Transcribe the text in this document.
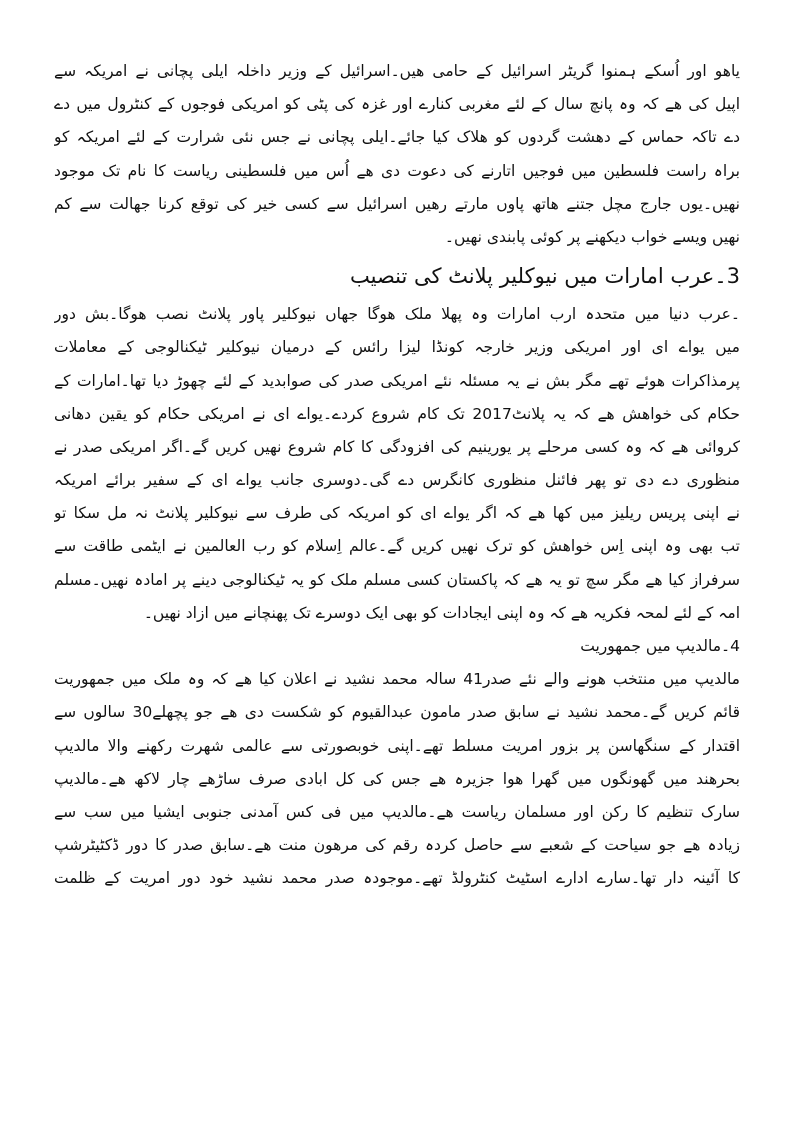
یاھو اور اُسکے ہمنوا گریٹر اسرائیل کے حامی ھیں۔اسرائیل کے وزیر داخلہ ایلی پچانی نے امریکہ سے
اپیل کی ھے کہ وہ پانچ سال کے لئے مغربی کنارے اور غزہ کی پٹی کو امریکی فوجوں کے کنٹرول میں دے
دے تاکہ حماس کے دھشت گردوں کو ھلاک کیا جائے۔ایلی پچانی نے جس نئی شرارت کے لئے امریکہ کو
براہ راست فلسطین میں فوجیں اتارنے کی دعوت دی ھے اُس میں فلسطینی ریاست کا نام تک موجود
نھیں۔یوں جارج مچل جتنے ھاتھ پاوں مارتے رھیں اسرائیل سے کسی خیر کی توقع کرنا جھالت سے کم
نھیں ویسے خواب دیکھنے پر کوئی پابندی نھیں۔
3۔عرب امارات میں نیوکلیر پلانٹ کی تنصیب
۔عرب دنیا میں متحدہ ارب امارات وہ پھلا ملک ھوگا جھاں نیوکلیر پاور پلانٹ نصب ھوگا۔بش دور
میں یواے ای اور امریکی وزیر خارجہ کونڈا لیزا رائس کے درمیان نیوکلیر ٹیکنالوجی کے معاملات
پرمذاکرات ھوئے تھے مگر بش نے یہ مسئلہ نئے امریکی صدر کی صوابدید کے لئے چھوڑ دیا تھا۔امارات کے
حکام کی خواھش ھے کہ یہ پلانٹ2017 تک کام شروع کردے۔یواے ای نے امریکی حکام کو یقین دھانی
کروائی ھے کہ وہ کسی مرحلے پر یورینیم کی افزودگی کا کام شروع نھیں کریں گے۔اگر امریکی صدر نے
منظوری دے دی تو پھر فائنل منظوری کانگرس دے گی۔دوسری جانب یواے ای کے سفیر برائے امریکہ
نے اپنی پریس ریلیز میں کھا ھے کہ اگر یواے ای کو امریکہ کی طرف سے نیوکلیر پلانٹ نہ مل سکا تو
تب بھی وہ اپنی اِس خواھش کو ترک نھیں کریں گے۔عالم اِسلام کو رب العالمین نے ایٹمی طاقت سے
سرفراز کیا ھے مگر سچ تو یہ ھے کہ پاکستان کسی مسلم ملک کو یہ ٹیکنالوجی دینے پر امادہ نھیں۔مسلم
امہ کے لئے لمحہ فکریہ ھے کہ وہ اپنی ایجادات کو بھی ایک دوسرے تک پھنچانے میں ازاد نھیں۔
4۔مالدیپ میں جمھوریت
مالدیپ میں منتخب ھونے والے نئے صدر41 سالہ محمد نشید نے اعلان کیا ھے کہ وہ ملک میں جمھوریت
قائم کریں گے۔محمد نشید نے سابق صدر مامون عبدالقیوم کو شکست دی ھے جو پچھلے30 سالوں سے
اقتدار کے سنگھاسن پر بزور امریت مسلط تھے۔اپنی خوبصورتی سے عالمی شھرت رکھنے والا مالدیپ
بحرھند میں گھونگوں میں گھرا ھوا جزیرہ ھے جس کی کل ابادی صرف ساڑھے چار لاکھ ھے۔مالدیپ
سارک تنظیم کا رکن اور مسلمان ریاست ھے۔مالدیپ میں فی کس آمدنی جنوبی ایشیا میں سب سے
زیادہ ھے جو سیاحت کے شعبے سے حاصل کردہ رقم کی مرھون منت ھے۔سابق صدر کا دور ڈکٹیٹرشپ
کا آئینہ دار تھا۔سارے ادارے اسٹیٹ کنٹرولڈ تھے۔موجودہ صدر محمد نشید خود دور امریت کے ظلمت
